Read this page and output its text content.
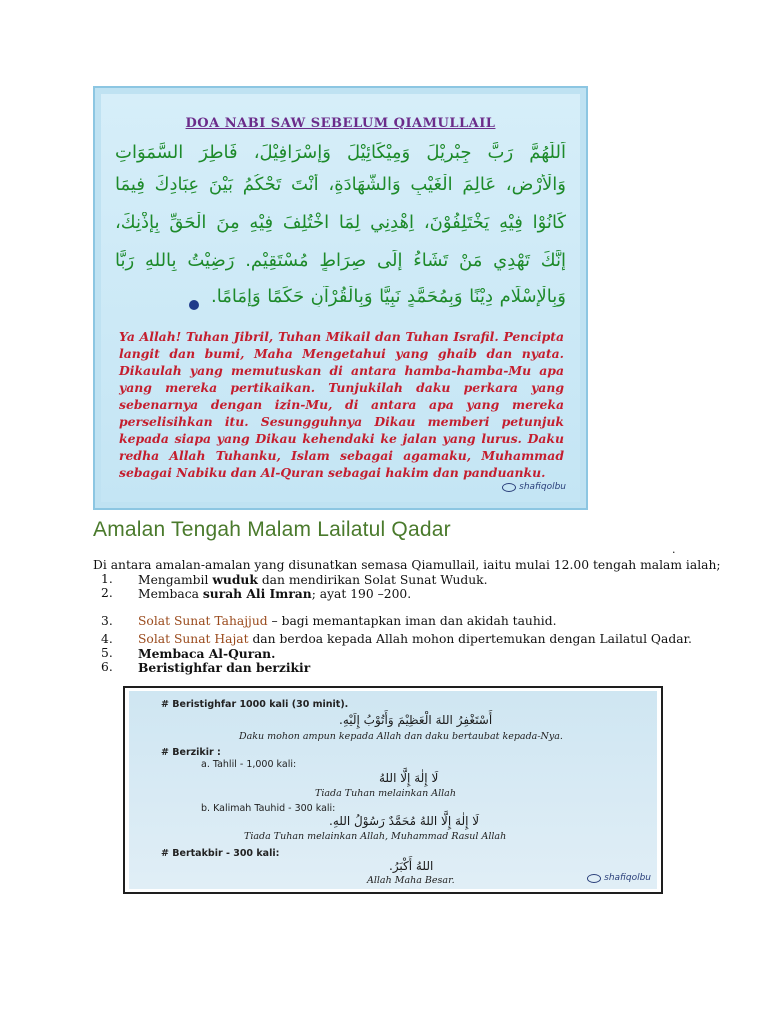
DOA NABI SAW SEBELUM QIAMULLAIL
اَللّٰهُمَّ رَبَّ جِبْرِيْلَ وَمِيْكَائِيْلَ وَإِسْرَافِيْلَ، فَاطِرَ السَّمَوَاتِ
وَالْأَرْضِ، عَالِمَ الْغَيْبِ وَالشَّهَادَةِ، أَنْتَ تَحْكُمُ بَيْنَ عِبَادِكَ فِيمَا
كَانُوْا فِيْهِ يَخْتَلِفُوْنَ، اِهْدِنِي لِمَا اخْتُلِفَ فِيْهِ مِنَ الْحَقِّ بِإِذْنِكَ،
إِنَّكَ تَهْدِي مَنْ تَشَاءُ إِلَى صِرَاطٍ مُسْتَقِيْمٍ. رَضِيْتُ بِاللهِ رَبًّا
وَبِالْإِسْلَامِ دِيْنًا وَبِمُحَمَّدٍ نَبِيًّا وَبِالْقُرْآنِ حَكَمًا وَإِمَامًا.

Ya Allah! Tuhan Jibril, Tuhan Mikail dan Tuhan Israfil. Pencipta langit dan bumi, Maha Mengetahui yang ghaib dan nyata. Dikaulah yang memutuskan di antara hamba-hamba-Mu apa yang mereka pertikaikan. Tunjukilah daku perkara yang sebenarnya dengan izin-Mu, di antara apa yang mereka perselisihkan itu. Sesungguhnya Dikau memberi petunjuk kepada siapa yang Dikau kehendaki ke jalan yang lurus. Daku redha Allah Tuhanku, Islam sebagai agamaku, Muhammad sebagai Nabiku dan Al-Quran sebagai hakim dan panduanku.

shafiqolbu
Amalan Tengah Malam Lailatul Qadar
.

Di antara amalan-amalan yang disunatkan semasa Qiamullail, iaitu mulai 12.00 tengah malam ialah;

1.	Mengambil wuduk dan mendirikan Solat Sunat Wuduk.
2.	Membaca surah Ali Imran; ayat 190 –200.
3.	Solat Sunat Tahajjud – bagi memantapkan iman dan akidah tauhid.
4.	Solat Sunat Hajat dan berdoa kepada Allah mohon dipertemukan dengan Lailatul Qadar.
5.	Membaca Al-Quran.
6.	Beristighfar dan berzikir
# Beristighfar 1000 kali (30 minit).
أَسْتَغْفِرُ اللهَ الْعَظِيْمَ وَأَتُوْبُ إِلَيْهِ.
Daku mohon ampun kepada Allah dan daku bertaubat kepada-Nya.
# Berzikir :
a. Tahlil - 1,000 kali:
لَا إِلٰهَ إِلَّا اللهُ
Tiada Tuhan melainkan Allah
b. Kalimah Tauhid - 300 kali:
لَا إِلٰهَ إِلَّا اللهُ مُحَمَّدٌ رَسُوْلُ اللهِ.
Tiada Tuhan melainkan Allah, Muhammad Rasul Allah
# Bertakbir - 300 kali:
اللهُ أَكْبَرُ.
Allah Maha Besar.	shafiqolbu
